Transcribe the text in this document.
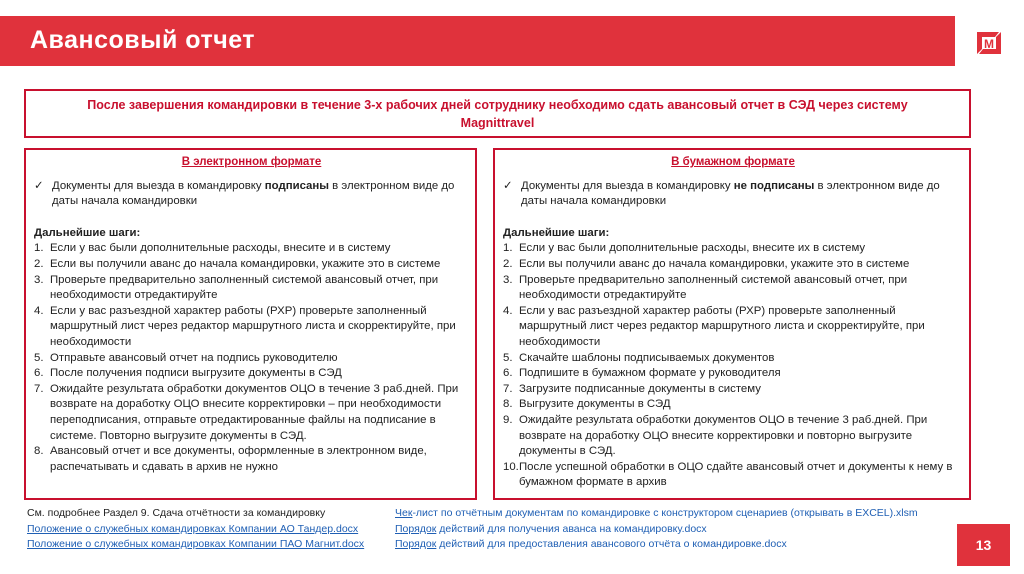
Авансовый отчет	M
После завершения командировки в течение 3-х рабочих дней сотруднику необходимо сдать авансовый отчет в СЭД через системy Magnittravel
В электронном формате
✓ Документы для выезда в командировку подписаны в электронном виде до даты начала командировки
Дальнейшие шаги:
1. Если у вас были дополнительные расходы, внесите и в систему
2. Если вы получили аванс до начала командировки, укажите это в системе
3. Проверьте предварительно заполненный системой авансовый отчет, при необходимости отредактируйте
4. Если у вас разъездной характер работы (РХР) проверьте заполненный маршрутный лист через редактор маршрутного листа и скорректируйте, при необходимости
5. Отправьте авансовый отчет на подпись руководителю
6. После получения подписи выгрузите документы в СЭД
7. Ожидайте результата обработки документов ОЦО в течение 3 раб.дней. При возврате на доработку ОЦО внесите корректировки – при необходимости переподписания, отправьте отредактированные файлы на подписание в системе. Повторно выгрузите документы в СЭД.
8. Авансовый отчет и все документы, оформленные в электронном виде, распечатывать и сдавать в архив не нужно
В бумажном формате
✓ Документы для выезда в командировку не подписаны в электронном виде до даты начала командировки
Дальнейшие шаги:
1. Если у вас были дополнительные расходы, внесите их в систему
2. Если вы получили аванс до начала командировки, укажите это в системе
3. Проверьте предварительно заполненный системой авансовый отчет, при необходимости отредактируйте
4. Если у вас разъездной характер работы (РХР) проверьте заполненный маршрутный лист через редактор маршрутного листа и скорректируйте, при необходимости
5. Скачайте шаблоны подписываемых документов
6. Подпишите в бумажном формате у руководителя
7. Загрузите подписанные документы в систему
8. Выгрузите документы в СЭД
9. Ожидайте результата обработки документов ОЦО в течение 3 раб.дней. При возврате на доработку ОЦО внесите корректировки и повторно выгрузите документы в СЭД.
10. После успешной обработки в ОЦО сдайте авансовый отчет и документы к нему в бумажном формате в архив
См. подробнее Раздел 9. Сдача отчётности за командировку
Положение о служебных командировках Компании АО Тандер.docx
Положение о служебных командировках Компании ПАО Магнит.docx
Чек-лист по отчётным документам по командировке с конструктором сценариев (открывать в EXCEL).xlsm
Порядок действий для получения аванса на командировку.docx
Порядок действий для предоставления авансового отчёта о командировке.docx	13
